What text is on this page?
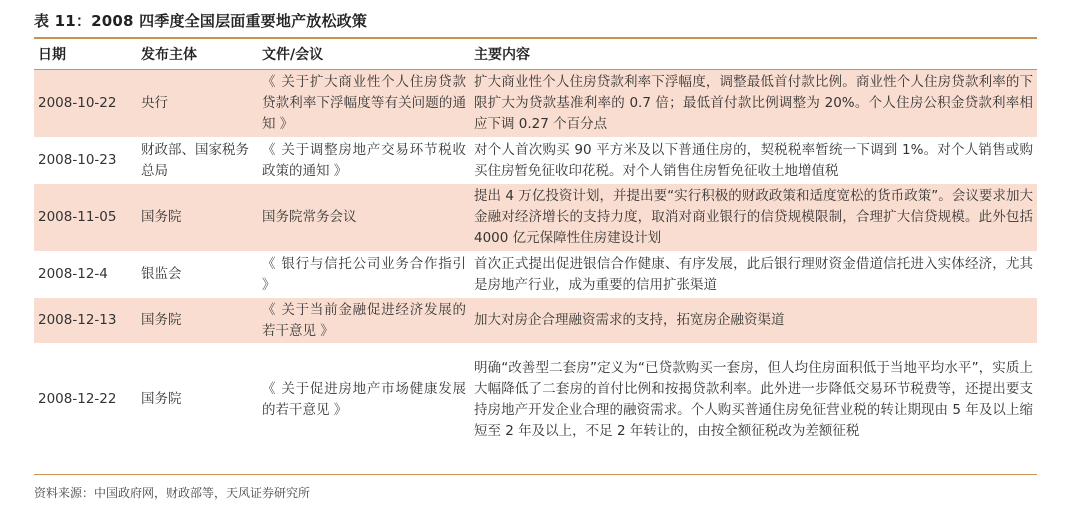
表 11：2008 四季度全国层面重要地产放松政策
日期	发布主体	文件/会议	主要内容
2008-10-22	央行	《 关于扩大商业性个人住房贷款贷款利率下浮幅度等有关问题的通知 》	扩大商业性个人住房贷款利率下浮幅度，调整最低首付款比例。商业性个人住房贷款利率的下限扩大为贷款基准利率的 0.7 倍；最低首付款比例调整为 20%。个人住房公积金贷款利率相应下调 0.27 个百分点
2008-10-23	财政部、国家税务总局	《 关于调整房地产交易环节税收政策的通知 》	对个人首次购买 90 平方米及以下普通住房的，契税税率暂统一下调到 1%。对个人销售或购买住房暂免征收印花税。对个人销售住房暂免征收土地增值税
2008-11-05	国务院	国务院常务会议	提出 4 万亿投资计划，并提出要“实行积极的财政政策和适度宽松的货币政策”。会议要求加大金融对经济增长的支持力度，取消对商业银行的信贷规模限制，合理扩大信贷规模。此外包括 4000 亿元保障性住房建设计划
2008-12-4	银监会	《 银行与信托公司业务合作指引 》	首次正式提出促进银信合作健康、有序发展，此后银行理财资金借道信托进入实体经济，尤其是房地产行业，成为重要的信用扩张渠道
2008-12-13	国务院	《 关于当前金融促进经济发展的若干意见 》	加大对房企合理融资需求的支持，拓宽房企融资渠道
2008-12-22	国务院	《 关于促进房地产市场健康发展的若干意见 》	明确“改善型二套房”定义为“已贷款购买一套房，但人均住房面积低于当地平均水平”，实质上大幅降低了二套房的首付比例和按揭贷款利率。此外进一步降低交易环节税费等，还提出要支持房地产开发企业合理的融资需求。个人购买普通住房免征营业税的转让期现由 5 年及以上缩短至 2 年及以上，不足 2 年转让的，由按全额征税改为差额征税
资料来源：中国政府网，财政部等，天风证券研究所
